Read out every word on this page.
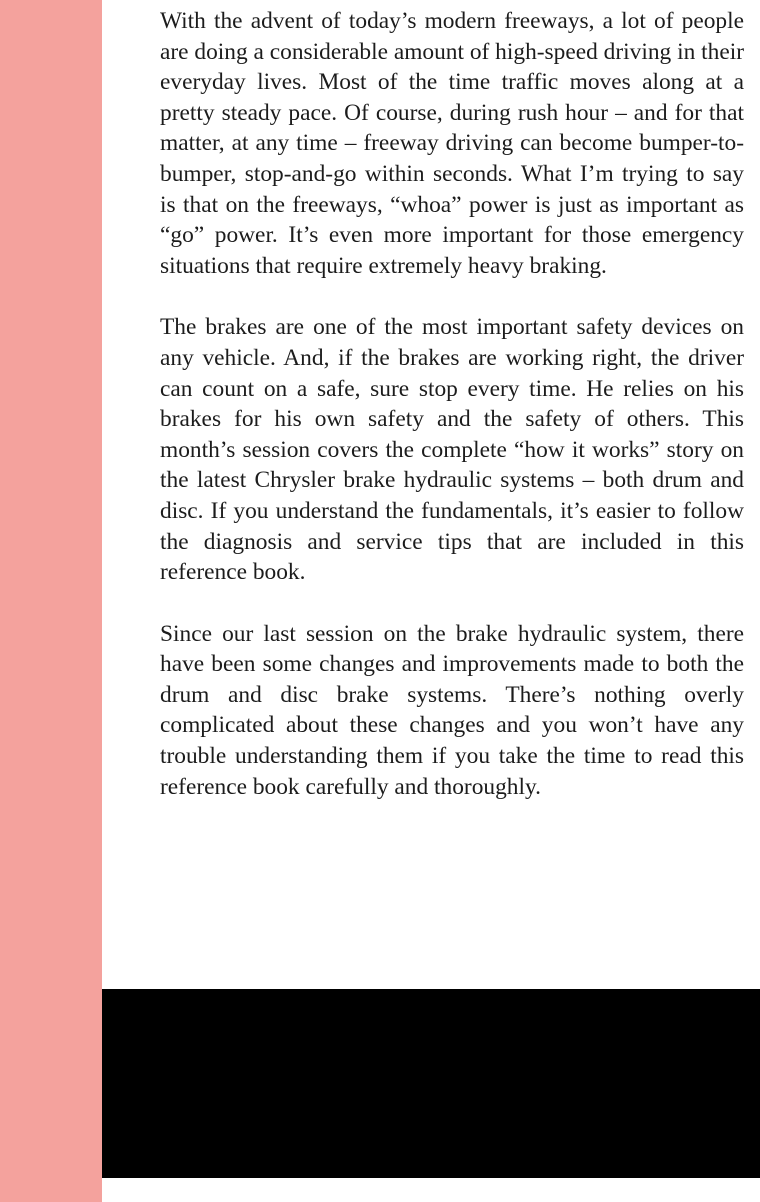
With the advent of today’s modern freeways, a lot of people are doing a considerable amount of high-speed driving in their everyday lives. Most of the time traffic moves along at a pretty steady pace. Of course, during rush hour – and for that matter, at any time – freeway driving can become bumper-to-bumper, stop-and-go within seconds. What I’m trying to say is that on the freeways, “whoa” power is just as important as “go” power. It’s even more important for those emergency situations that require extremely heavy braking.

The brakes are one of the most important safety devices on any vehicle. And, if the brakes are working right, the driver can count on a safe, sure stop every time. He relies on his brakes for his own safety and the safety of others. This month’s session covers the complete “how it works” story on the latest Chrysler brake hydraulic systems – both drum and disc. If you understand the fundamentals, it’s easier to follow the diagnosis and service tips that are included in this reference book.

Since our last session on the brake hydraulic system, there have been some changes and improvements made to both the drum and disc brake systems. There’s nothing overly complicated about these changes and you won’t have any trouble understanding them if you take the time to read this reference book carefully and thoroughly.
